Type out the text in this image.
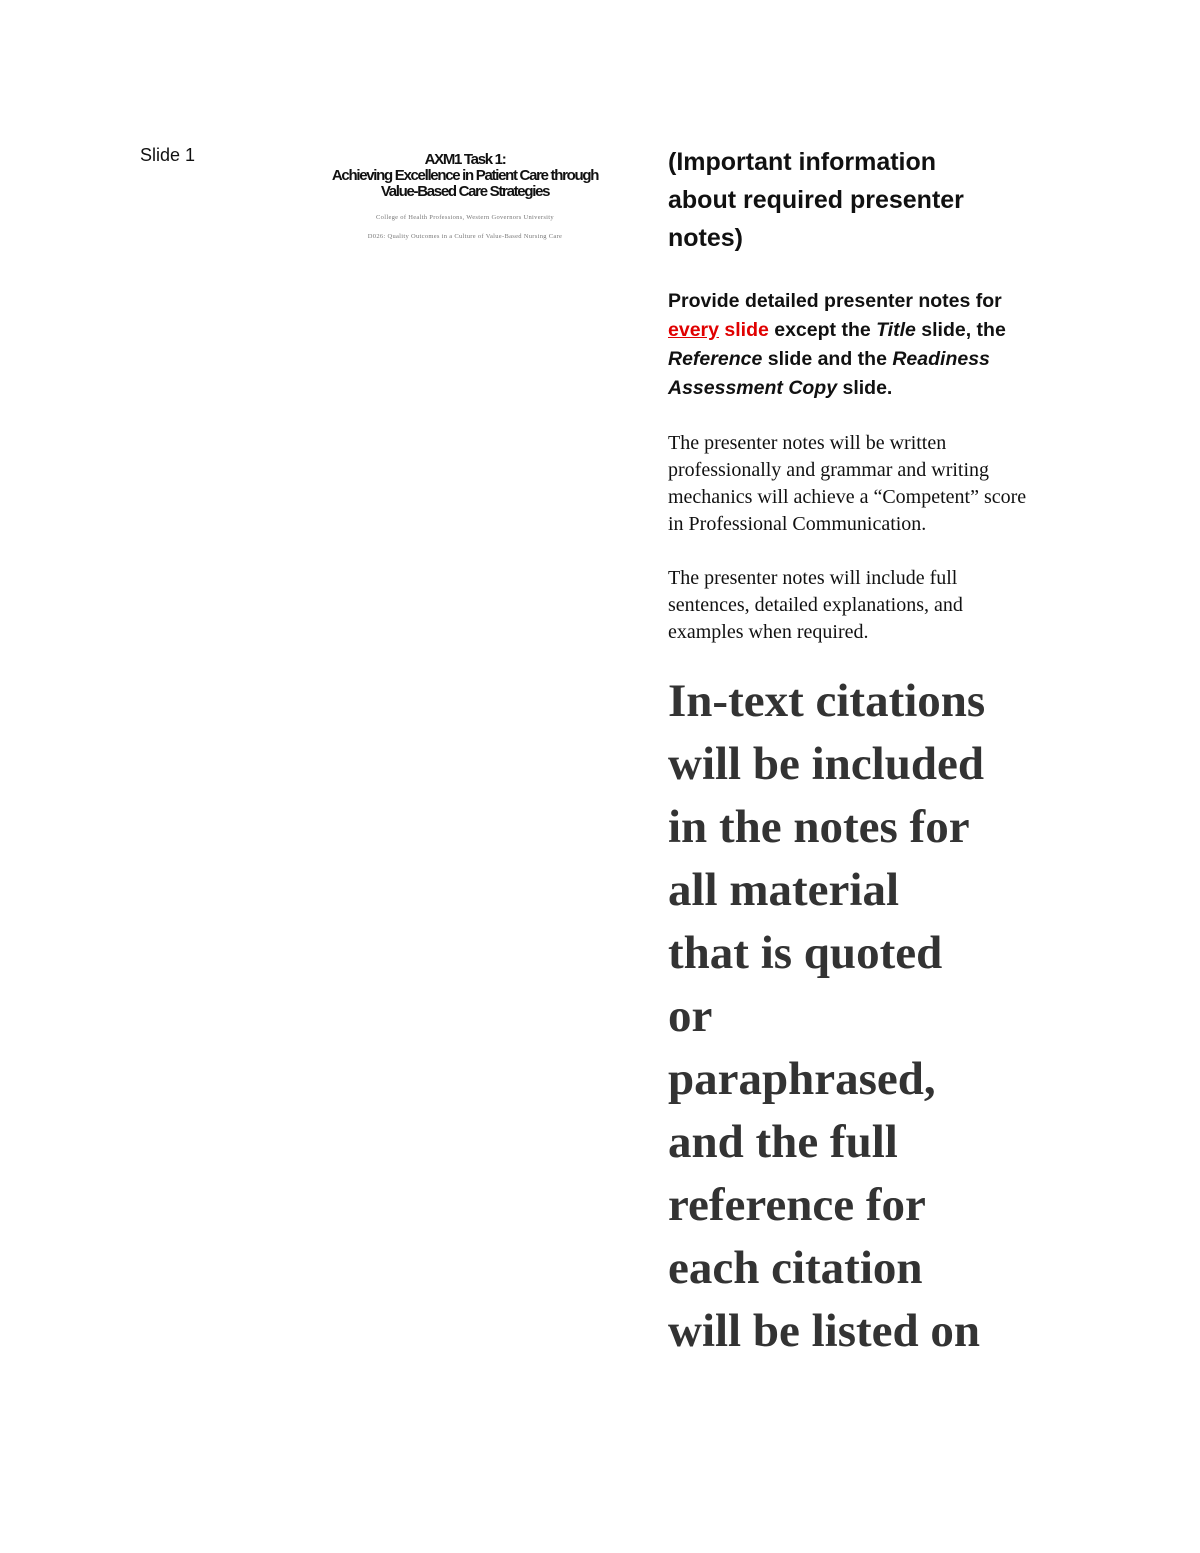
Slide 1	AXM1 Task 1:
Achieving Excellence in Patient Care through
Value-Based Care Strategies
College of Health Professions, Western Governors University
D026: Quality Outcomes in a Culture of Value-Based Nursing Care
(Important information
about required presenter
notes)
Provide detailed presenter notes for every slide except the Title slide, the Reference slide and the Readiness Assessment Copy slide.
The presenter notes will be written professionally and grammar and writing mechanics will achieve a “Competent” score in Professional Communication.
The presenter notes will include full sentences, detailed explanations, and examples when required.
In-text citations
will be included
in the notes for
all material
that is quoted
or
paraphrased,
and the full
reference for
each citation
will be listed on
